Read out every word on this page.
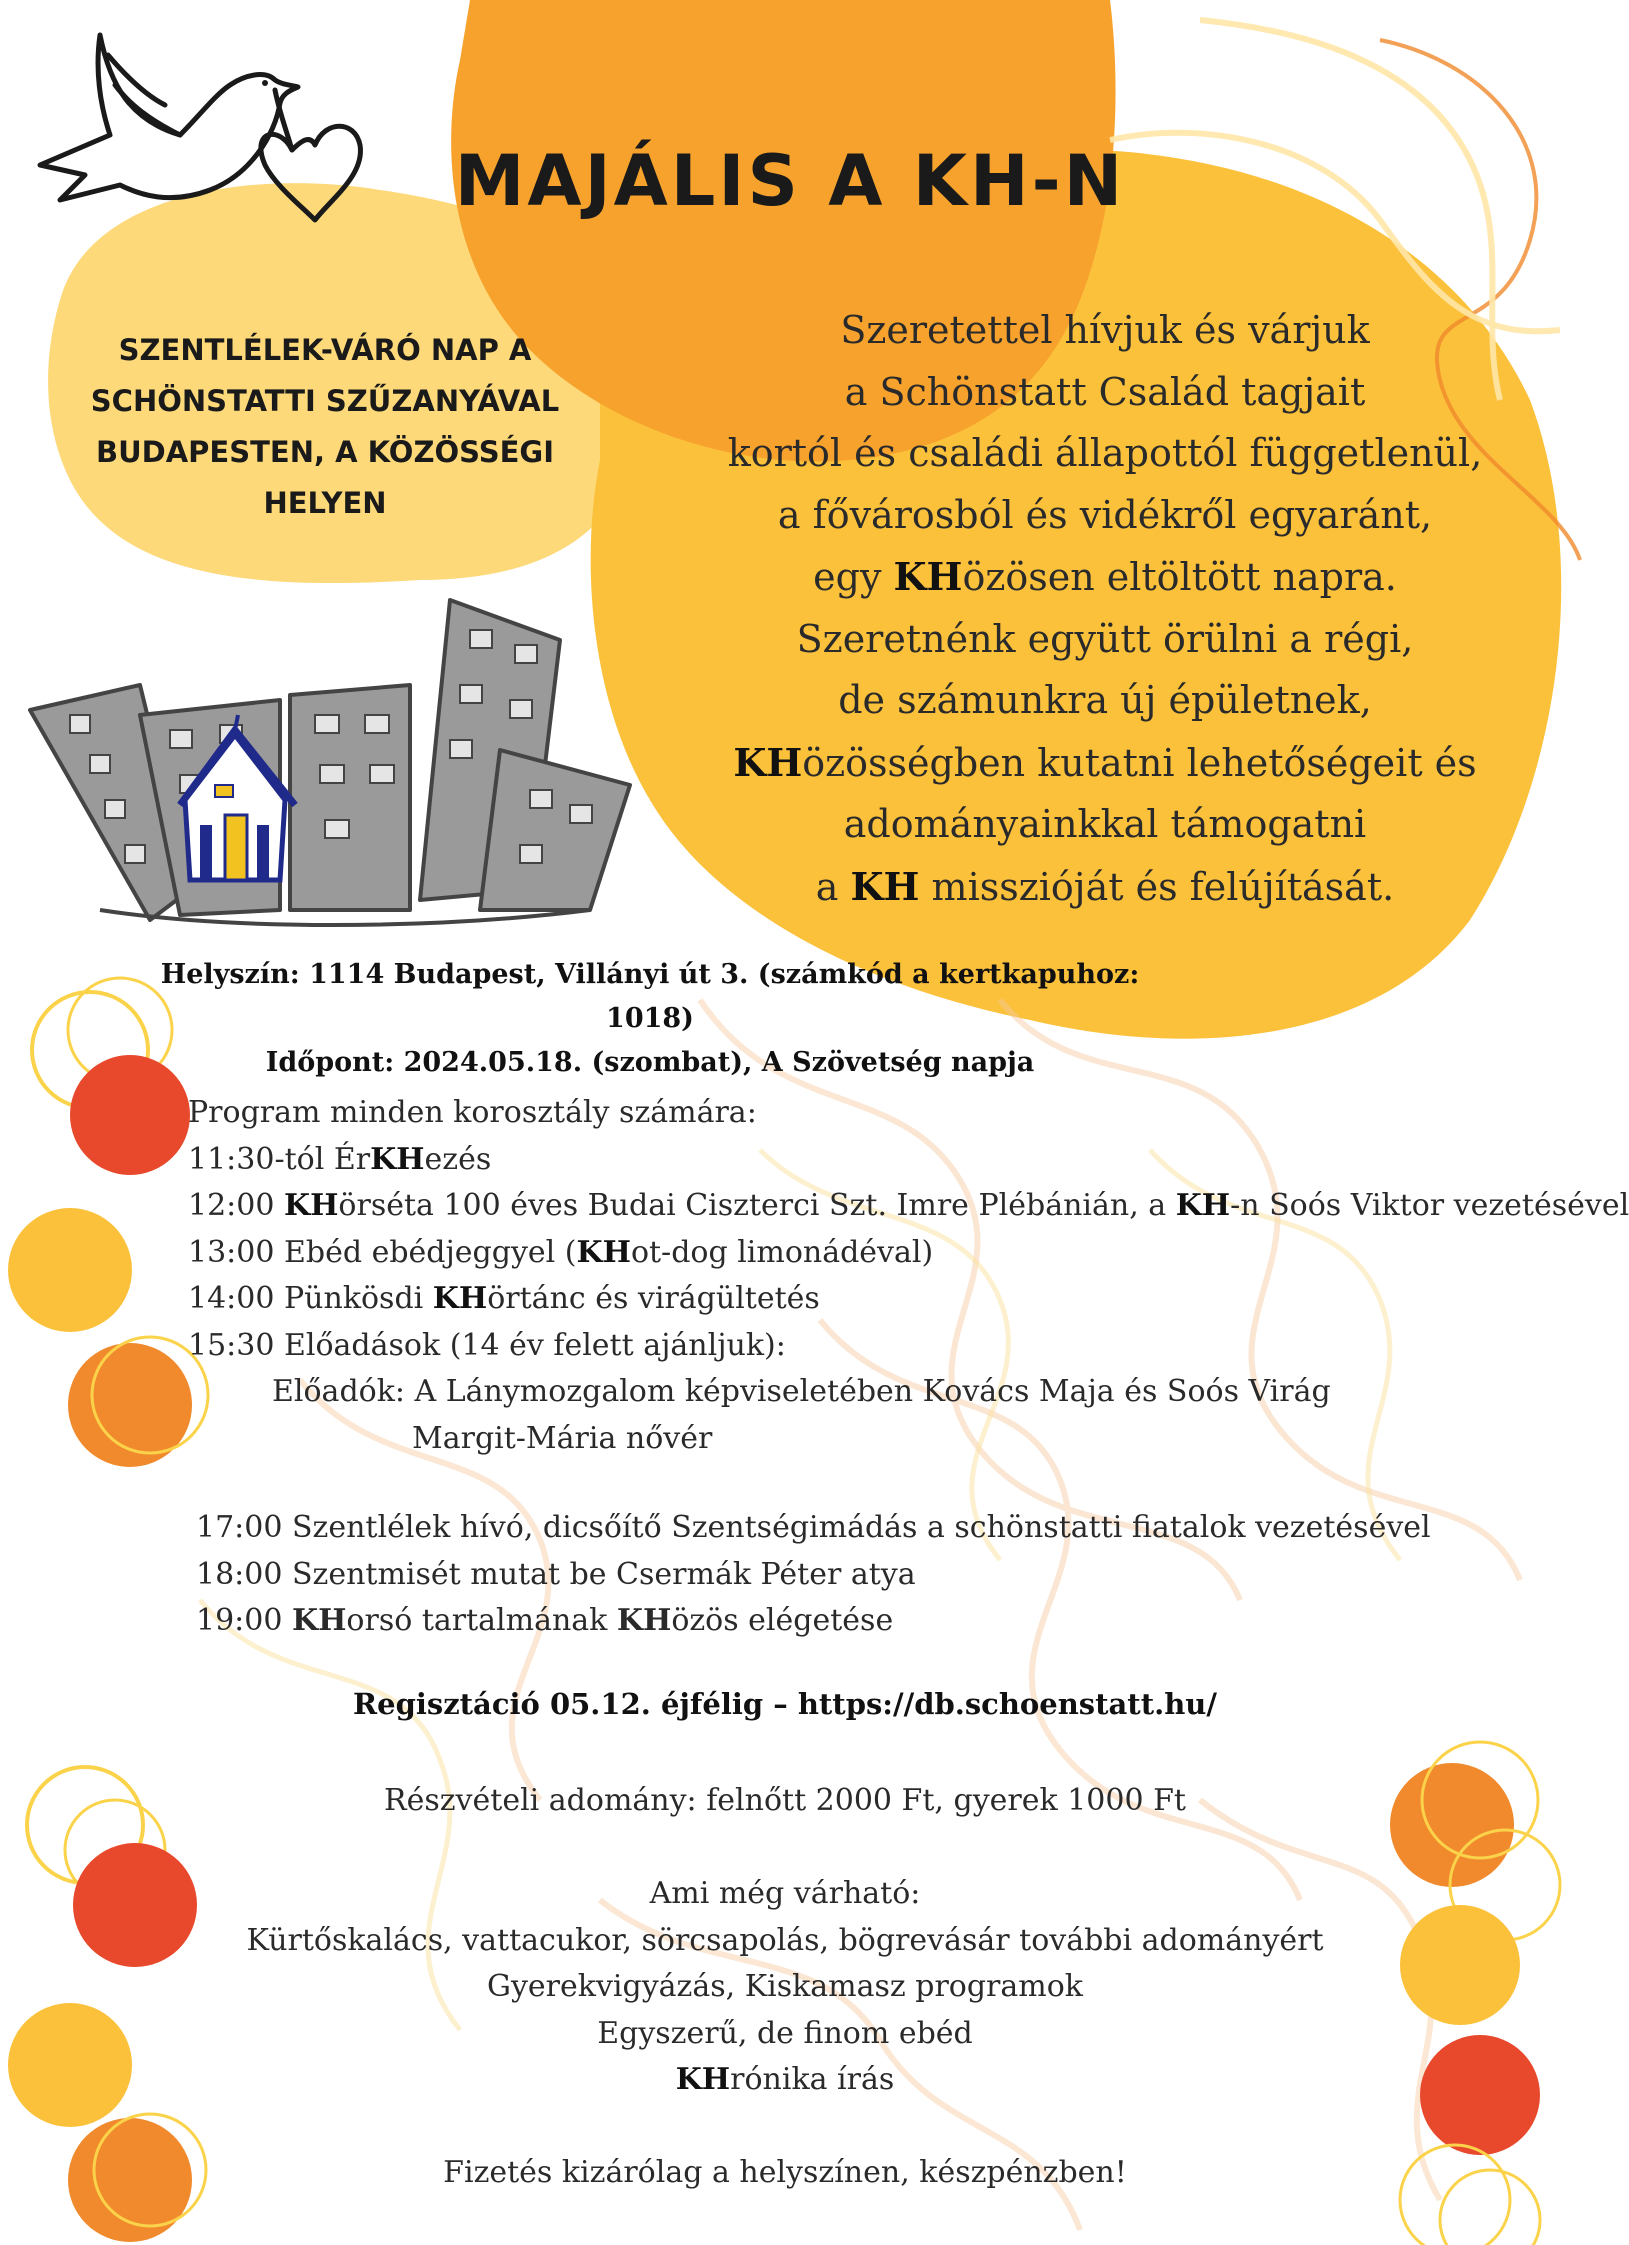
MAJÁLIS A KH-N
SZENTLÉLEK-VÁRÓ NAP A
SCHÖNSTATTI SZŰZANYÁVAL
BUDAPESTEN, A KÖZÖSSÉGI HELYEN
Szeretettel hívjuk és várjuk
a Schönstatt Család tagjait
kortól és családi állapottól függetlenül,
a fővárosból és vidékről egyaránt,
egy KHözösen eltöltött napra.
Szeretnénk együtt örülni a régi,
de számunkra új épületnek,
KHözösségben kutatni lehetőségeit és
adományainkkal támogatni
a KH misszióját és felújítását.
Helyszín: 1114 Budapest, Villányi út 3. (számkód a kertkapuhoz: 1018)
Időpont: 2024.05.18. (szombat), A Szövetség napja
Program minden korosztály számára:
11:30-tól ÉrKHezés
12:00 KHörséta 100 éves Budai Ciszterci Szt. Imre Plébánián, a KH-n Soós Viktor vezetésével
13:00 Ebéd ebédjeggyel (KHot-dog limonádéval)
14:00 Pünkösdi KHörtánc és virágültetés
15:30 Előadások (14 év felett ajánljuk):
Előadók: A Lánymozgalom képviseletében Kovács Maja és Soós Virág
Margit-Mária nővér
17:00 Szentlélek hívó, dicsőítő Szentségimádás a schönstatti fiatalok vezetésével
18:00 Szentmisét mutat be Csermák Péter atya
19:00 KHorsó tartalmának KHözös elégetése
Regisztáció 05.12. éjfélig – https://db.schoenstatt.hu/
Részvételi adomány: felnőtt 2000 Ft, gyerek 1000 Ft
Ami még várható:
Kürtőskalács, vattacukor, sörcsapolás, bögrevásár további adományért
Gyerekvigyázás, Kiskamasz programok
Egyszerű, de finom ebéd
KHrónika írás
Fizetés kizárólag a helyszínen, készpénzben!
